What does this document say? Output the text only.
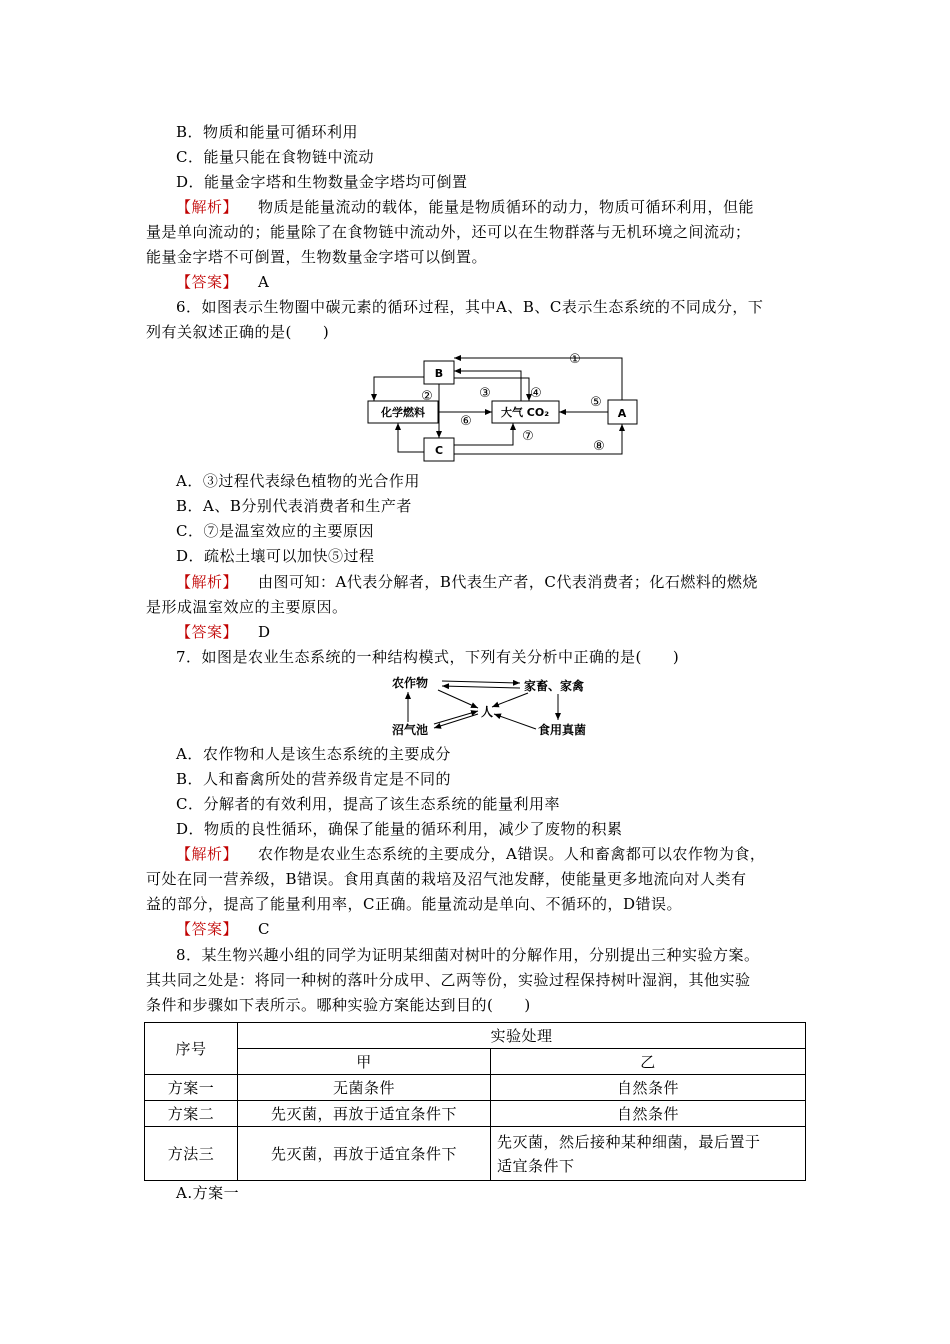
B．物质和能量可循环利用
C．能量只能在食物链中流动
D．能量金字塔和生物数量金字塔均可倒置
【解析】 物质是能量流动的载体，能量是物质循环的动力，物质可循环利用，但能
量是单向流动的；能量除了在食物链中流动外，还可以在生物群落与无机环境之间流动；
能量金字塔不可倒置，生物数量金字塔可以倒置。
【答案】 A
6．如图表示生物圈中碳元素的循环过程，其中A、B、C表示生态系统的不同成分，下
列有关叙述正确的是(　　)
B
化学燃料	大气 CO₂	A
C
①
②	③	④
⑤
⑥
⑦
⑧
A．③过程代表绿色植物的光合作用
B．A、B分别代表消费者和生产者
C．⑦是温室效应的主要原因
D．疏松土壤可以加快⑤过程
【解析】 由图可知：A代表分解者，B代表生产者，C代表消费者；化石燃料的燃烧
是形成温室效应的主要原因。
【答案】 D
7．如图是农业生态系统的一种结构模式，下列有关分析中正确的是(　　)
农作物	家畜、家禽
人
沼气池	食用真菌
A．农作物和人是该生态系统的主要成分
B．人和畜禽所处的营养级肯定是不同的
C．分解者的有效利用，提高了该生态系统的能量利用率
D．物质的良性循环，确保了能量的循环利用，减少了废物的积累
【解析】 农作物是农业生态系统的主要成分，A错误。人和畜禽都可以农作物为食，
可处在同一营养级，B错误。食用真菌的栽培及沼气池发酵，使能量更多地流向对人类有
益的部分，提高了能量利用率，C正确。能量流动是单向、不循环的，D错误。
【答案】 C
8．某生物兴趣小组的同学为证明某细菌对树叶的分解作用，分别提出三种实验方案。
其共同之处是：将同一种树的落叶分成甲、乙两等份，实验过程保持树叶湿润，其他实验
条件和步骤如下表所示。哪种实验方案能达到目的(　　)
序号	实验处理	
	甲	乙
方案一	无菌条件	自然条件
方案二	先灭菌，再放于适宜条件下	自然条件
方法三	先灭菌，再放于适宜条件下	先灭菌，然后接种某种细菌，最后置于
适宜条件下
A.方案一
